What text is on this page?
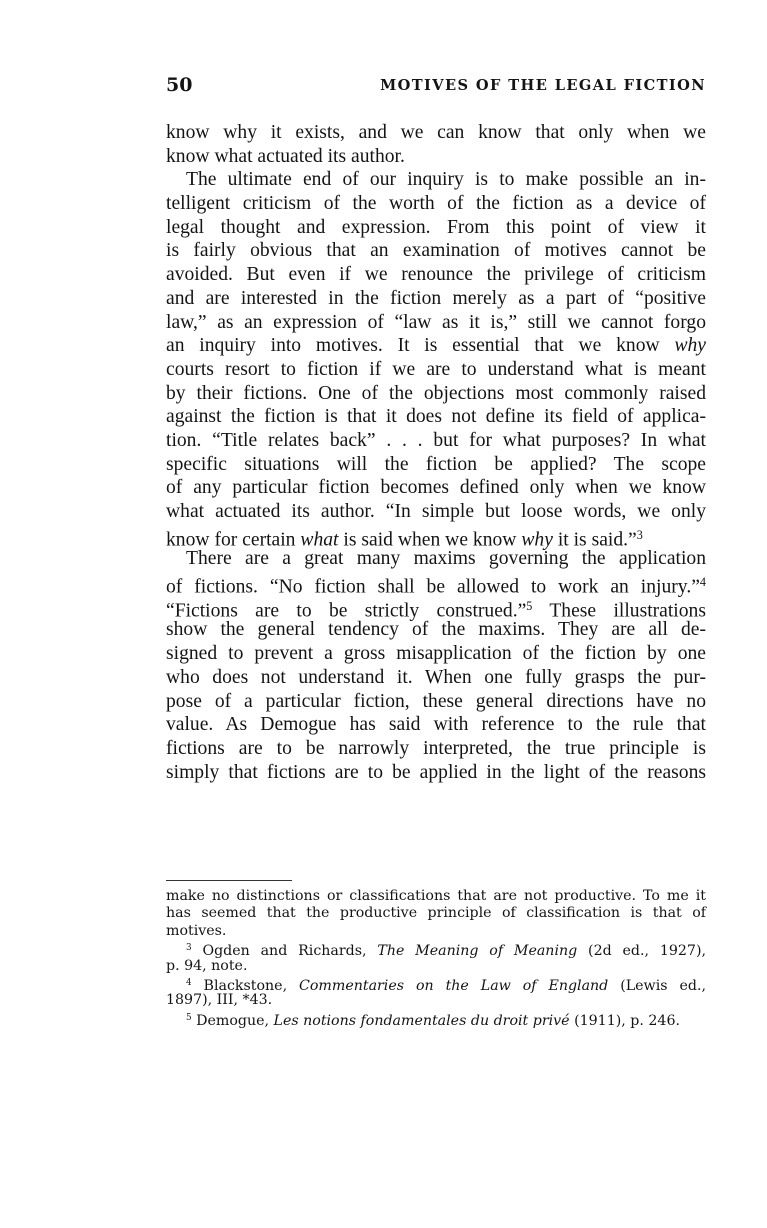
50	MOTIVES OF THE LEGAL FICTION
know why it exists, and we can know that only when we
know what actuated its author.
The ultimate end of our inquiry is to make possible an in-
telligent criticism of the worth of the fiction as a device of
legal thought and expression. From this point of view it
is fairly obvious that an examination of motives cannot be
avoided. But even if we renounce the privilege of criticism
and are interested in the fiction merely as a part of “positive
law,” as an expression of “law as it is,” still we cannot forgo
an inquiry into motives. It is essential that we know why
courts resort to fiction if we are to understand what is meant
by their fictions. One of the objections most commonly raised
against the fiction is that it does not define its field of applica-
tion. “Title relates back” . . . but for what purposes? In what
specific situations will the fiction be applied? The scope
of any particular fiction becomes defined only when we know
what actuated its author. “In simple but loose words, we only
know for certain what is said when we know why it is said.”$^3$
There are a great many maxims governing the application
of fictions. “No fiction shall be allowed to work an injury.”$^4$
“Fictions are to be strictly construed.”$^5$ These illustrations
show the general tendency of the maxims. They are all de-
signed to prevent a gross misapplication of the fiction by one
who does not understand it. When one fully grasps the pur-
pose of a particular fiction, these general directions have no
value. As Demogue has said with reference to the rule that
fictions are to be narrowly interpreted, the true principle is
simply that fictions are to be applied in the light of the reasons
make no distinctions or classifications that are not productive. To me it
has seemed that the productive principle of classification is that of
motives.
$^3$ Ogden and Richards, The Meaning of Meaning (2d ed., 1927),
p. 94, note.
$^4$ Blackstone, Commentaries on the Law of England (Lewis ed.,
1897), III, *43.
$^5$ Demogue, Les notions fondamentales du droit privé (1911), p. 246.
